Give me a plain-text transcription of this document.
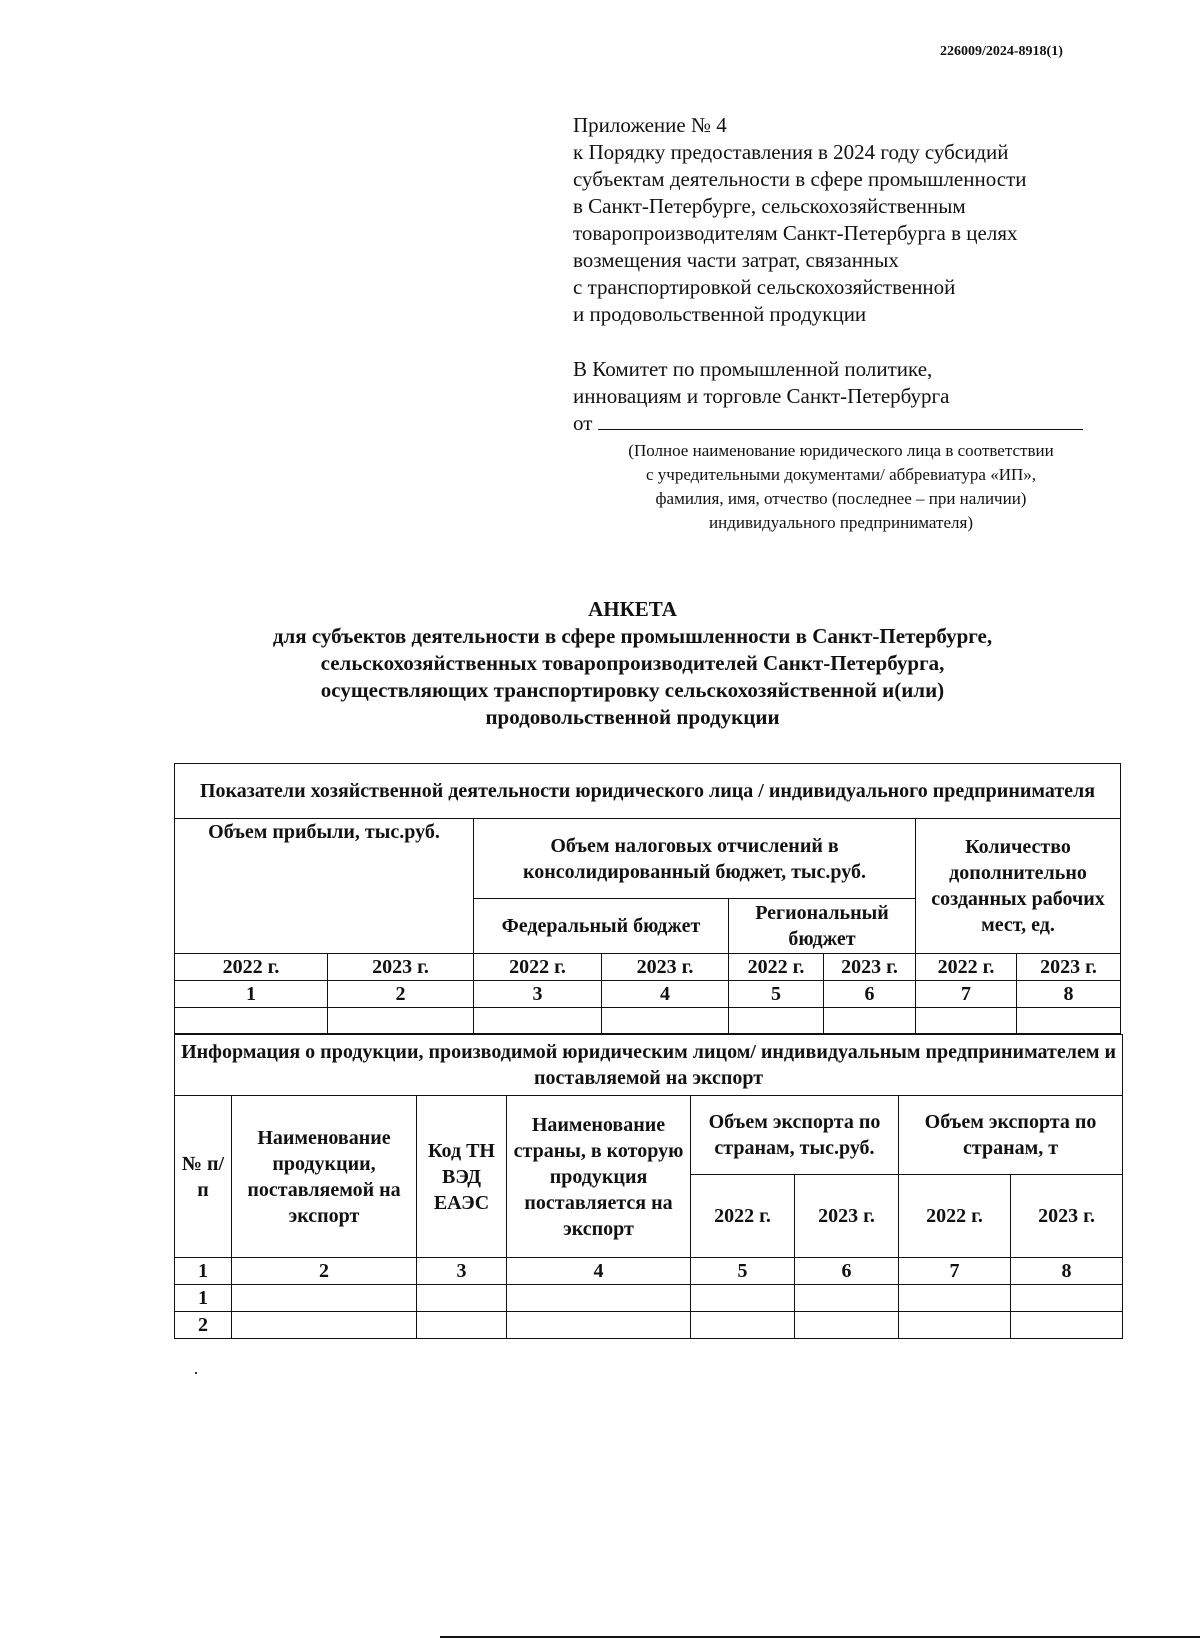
226009/2024-8918(1)
Приложение № 4
к Порядку предоставления в 2024 году субсидий
субъектам деятельности в сфере промышленности
в Санкт-Петербурге, сельскохозяйственным
товаропроизводителям Санкт-Петербурга в целях
возмещения части затрат, связанных
с транспортировкой сельскохозяйственной
и продовольственной продукции
В Комитет по промышленной политике,
инновациям и торговле Санкт-Петербурга
от
(Полное наименование юридического лица в соответствии
с учредительными документами/ аббревиатура «ИП»,
фамилия, имя, отчество (последнее – при наличии)
индивидуального предпринимателя)
АНКЕТА
для субъектов деятельности в сфере промышленности в Санкт-Петербурге,
сельскохозяйственных товаропроизводителей Санкт-Петербурга,
осуществляющих транспортировку сельскохозяйственной и(или)
продовольственной продукции
Показатели хозяйственной деятельности юридического лица / индивидуального предпринимателя							
Объем прибыли, тыс.руб.		Объем налоговых отчислений в консолидированный бюджет, тыс.руб.				Количество дополнительно созданных рабочих мест, ед.	
		Федеральный бюджет		Региональный бюджет			
2022 г.	2023 г.	2022 г.	2023 г.	2022 г.	2023 г.	2022 г.	2023 г.
1	2	3	4	5	6	7	8

Информация о продукции, производимой юридическим лицом/ индивидуальным предпринимателем и поставляемой на экспорт							
№ п/п	Наименование продукции, поставляемой на экспорт	Код ТН ВЭД ЕАЭС	Наименование страны, в которую продукция поставляется на экспорт	Объем экспорта по странам, тыс.руб.		Объем экспорта по странам, т	
				2022 г.	2023 г.	2022 г.	2023 г.
1	2	3	4	5	6	7	8
1							
2							
